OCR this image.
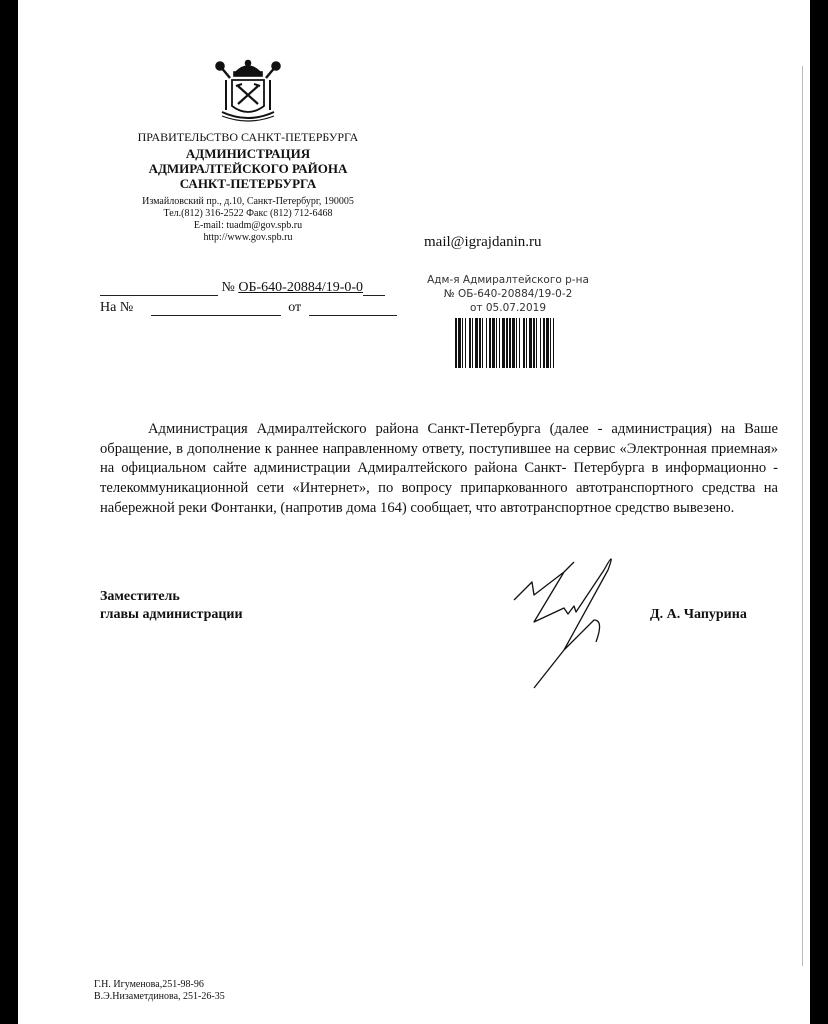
ПРАВИТЕЛЬСТВО САНКТ-ПЕТЕРБУРГА
АДМИНИСТРАЦИЯ
АДМИРАЛТЕЙСКОГО РАЙОНА
САНКТ-ПЕТЕРБУРГА
Измайловский пр., д.10, Санкт-Петербург, 190005
Тел.(812) 316-2522 Факс (812) 712-6468
E-mail: tuadm@gov.spb.ru
http://www.gov.spb.ru
№ ОБ-640-20884/19-0-0
На №	от
mail@igrajdanin.ru
Адм-я Адмиралтейского р-на
№ ОБ-640-20884/19-0-2
от 05.07.2019

Администрация Адмиралтейского района Санкт-Петербурга (далее - администрация) на Ваше обращение, в дополнение к раннее направленному ответу, поступившее на сервис «Электронная приемная» на официальном сайте администрации Адмиралтейского района Санкт- Петербурга в информационно - телекоммуникационной сети «Интернет», по вопросу припаркованного автотранспортного средства на набережной реки Фонтанки, (напротив дома 164) сообщает, что автотранспортное средство вывезено.

Заместитель
главы администрации	Д. А. Чапурина
Г.Н. Игуменова,251-98-96
В.Э.Низаметдинова, 251-26-35
